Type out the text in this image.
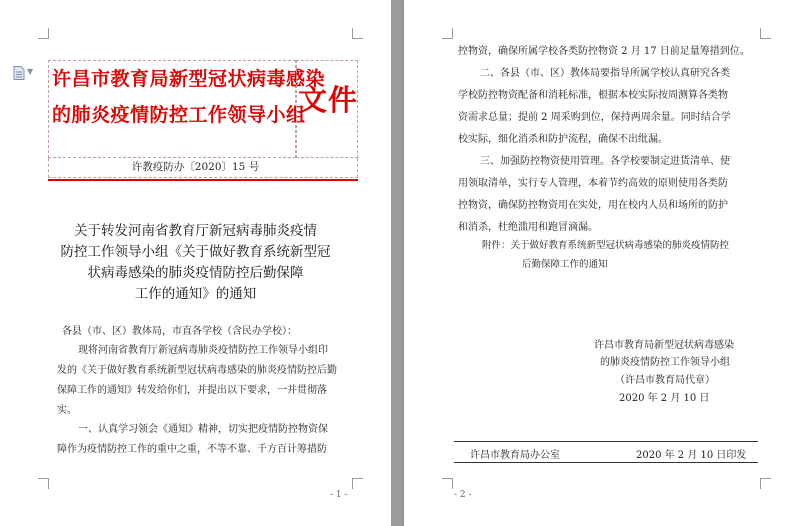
▼ 许昌市教育局新型冠状病毒感染
的肺炎疫情防控工作领导小组
文件
许教疫防办〔2020〕15 号
关于转发河南省教育厅新冠病毒肺炎疫情
防控工作领导小组《关于做好教育系统新型冠
状病毒感染的肺炎疫情防控后勤保障
工作的通知》的通知
各县（市、区）教体局，市直各学校（含民办学校）：
现将河南省教育厅新冠病毒肺炎疫情防控工作领导小组印
发的《关于做好教育系统新型冠状病毒感染的肺炎疫情防控后勤
保障工作的通知》转发给你们，并提出以下要求，一并贯彻落
实。
一、认真学习领会《通知》精神，切实把疫情防控物资保
障作为疫情防控工作的重中之重，不等不靠、千方百计筹措防
- 1 -
控物资，确保所属学校各类防控物资 2 月 17 日前足量筹措到位。
二、各县（市、区）教体局要指导所属学校认真研究各类
学校防控物资配备和消耗标准，根据本校实际按周测算各类物
资需求总量；提前 2 周采购到位，保持两周余量。同时结合学
校实际，细化消杀和防护流程，确保不出纰漏。
三、加强防控物资使用管理。各学校要制定进货清单、使
用领取清单，实行专人管理，本着节约高效的原则使用各类防
控物资，确保防控物资用在实处，用在校内人员和场所的防护
和消杀，杜绝滥用和跑冒滴漏。
附件：关于做好教育系统新型冠状病毒感染的肺炎疫情防控
后勤保障工作的通知
许昌市教育局新型冠状病毒感染
的肺炎疫情防控工作领导小组
（许昌市教育局代章）
2020 年 2 月 10 日
许昌市教育局办公室	2020 年 2 月 10 日印发
- 2 -
